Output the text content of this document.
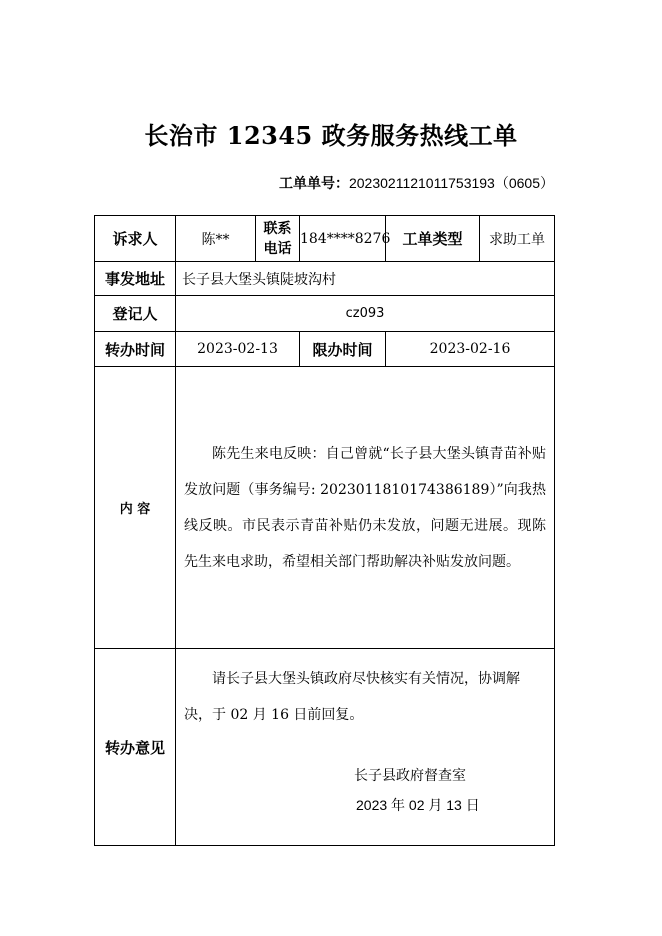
长治市 12345 政务服务热线工单
工单单号：2023021121011753193（0605）
诉求人	陈**	联系电话	184****8276	工单类型	求助工单
事发地址	长子县大堡头镇陡坡沟村				
登记人	cz093				
转办时间	2023-02-13		限办时间	2023-02-16	
内 容	陈先生来电反映：自己曾就“长子县大堡头镇青苗补贴发放问题（事务编号: 2023011810174386189）”向我热线反映。市民表示青苗补贴仍未发放，问题无进展。现陈先生来电求助，希望相关部门帮助解决补贴发放问题。				

转办意见	请长子县大堡头镇政府尽快核实有关情况，协调解决，于 02 月 16 日前回复。

长子县政府督查室
2023 年 02 月 13 日				
